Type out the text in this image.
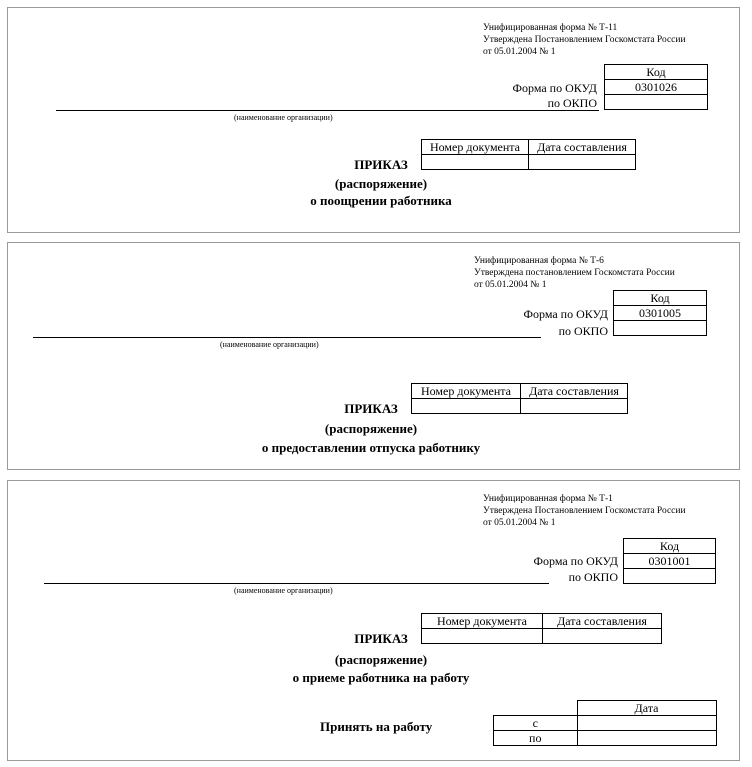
Унифицированная форма № Т-11
Утверждена Постановлением Госкомстата России
от 05.01.2004 № 1
Код
0301026

Форма по ОКУД
по ОКПО
(наименование организации)
Номер документа	Дата составления

ПРИКАЗ
(распоряжение)
о поощрении работника
Унифицированная форма № Т-6
Утверждена постановлением Госкомстата России
от 05.01.2004 № 1
Код
0301005

Форма по ОКУД
по ОКПО
(наименование организации)
Номер документа	Дата составления

ПРИКАЗ
(распоряжение)
о предоставлении отпуска работнику
Унифицированная форма № Т-1
Утверждена Постановлением Госкомстата России
от 05.01.2004 № 1
Код
0301001

Форма по ОКУД
по ОКПО
(наименование организации)
Номер документа	Дата составления

ПРИКАЗ
(распоряжение)
о приеме работника на работу
Принять на работу
	Дата
с	
по	
